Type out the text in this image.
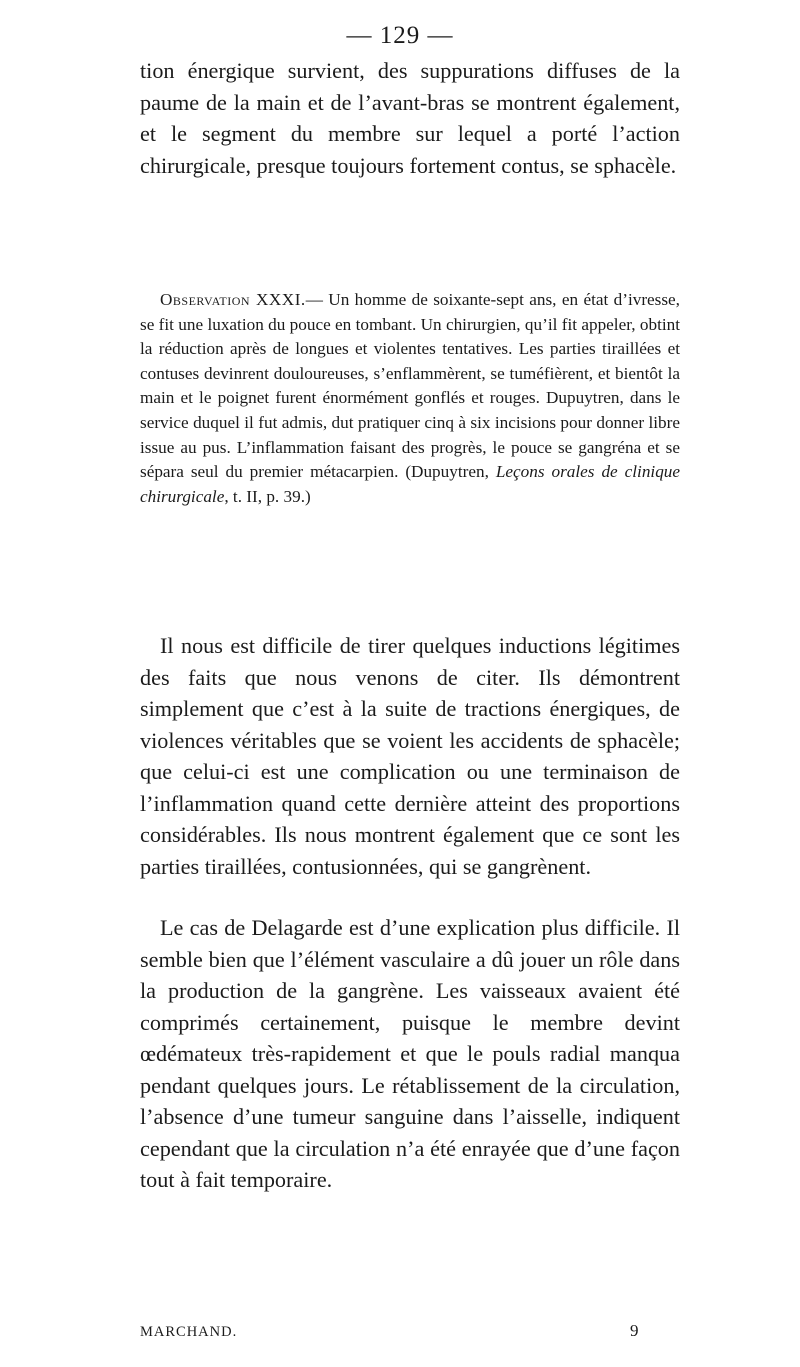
— 129 —

tion énergique survient, des suppurations diffuses de la paume de la main et de l’avant-bras se montrent également, et le segment du membre sur lequel a porté l’action chirurgicale, presque toujours fortement contus, se sphacèle.

Observation XXXI.— Un homme de soixante-sept ans, en état d’ivresse, se fit une luxation du pouce en tombant. Un chirurgien, qu’il fit appeler, obtint la réduction après de longues et violentes tentatives. Les parties tiraillées et contuses devinrent douloureuses, s’enflammèrent, se tuméfièrent, et bientôt la main et le poignet furent énormément gonflés et rouges. Dupuytren, dans le service duquel il fut admis, dut pratiquer cinq à six incisions pour donner libre issue au pus. L’inflammation faisant des progrès, le pouce se gangréna et se sépara seul du premier métacarpien. (Dupuytren, Leçons orales de clinique chirurgicale, t. II, p. 39.)

Il nous est difficile de tirer quelques inductions légitimes des faits que nous venons de citer. Ils démontrent simplement que c’est à la suite de tractions énergiques, de violences véritables que se voient les accidents de sphacèle; que celui-ci est une complication ou une terminaison de l’inflammation quand cette dernière atteint des proportions considérables. Ils nous montrent également que ce sont les parties tiraillées, contusionnées, qui se gangrènent.

Le cas de Delagarde est d’une explication plus difficile. Il semble bien que l’élément vasculaire a dû jouer un rôle dans la production de la gangrène. Les vaisseaux avaient été comprimés certainement, puisque le membre devint œdémateux très-rapidement et que le pouls radial manqua pendant quelques jours. Le rétablissement de la circulation, l’absence d’une tumeur sanguine dans l’aisselle, indiquent cependant que la circulation n’a été enrayée que d’une façon tout à fait temporaire.

MARCHAND.	9
